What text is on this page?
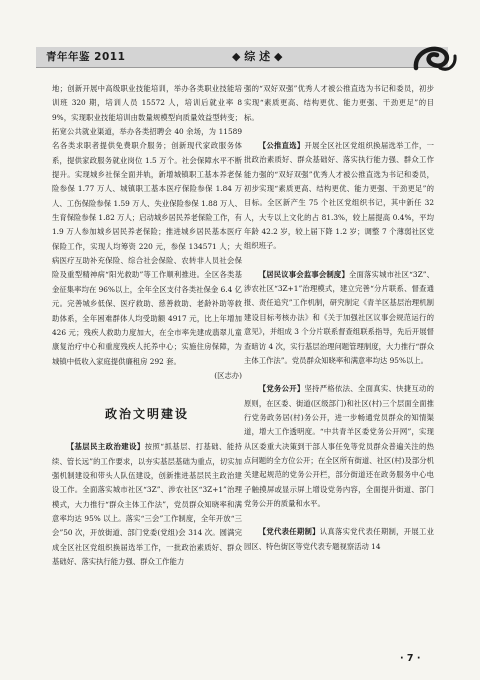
青年年鉴 2011	◆ 综 述 ◆

地；创新开展中高级职业技能培训，举办各类职业技能培训班 320 期，培训人员 15572 人，培训后就业率 89%，实现职业技能培训由数量规模型向质量效益型转变；拓宽公共就业渠道，举办各类招聘会 40 余场，为 11589 名各类求职者提供免费职介服务；创新现代家政服务体系，提供家政服务就业岗位 1.5 万个。社会保障水平不断提升。实现城乡社保全面并轨，新增城镇职工基本养老保险参保 1.77 万人、城镇职工基本医疗保险参保 1.84 万人、工伤保险参保 1.59 万人、失业保险参保 1.88 万人、生育保险参保 1.82 万人；启动城乡居民养老保险工作，有 1.9 万人参加城乡居民养老保险；推进城乡居民基本医疗保险工作，实现人均筹资 220 元，参保 134571 人；大病医疗互助补充保险、综合社会保险、农转非人员社会保险及重型精神病“阳光救助”等工作顺利推进。全区各类基金征集率均在 96%以上，全年全区支付各类社保金 6.4 亿元。完善城乡低保、医疗救助、慈善救助、老龄补助等救助体系，全年困难群体人均受助额 4917 元，比上年增加 426 元；残疾人救助力度加大，在全市率先建成翡翠儿童康复治疗中心和重度残疾人托养中心；实施住房保障，为城镇中低收入家庭提供廉租房 292 套。

(区志办)

政治文明建设

【基层民主政治建设】按照“抓基层、打基础、能持续、管长远”的工作要求，以夯实基层基础为重点，切实加强机制建设和带头人队伍建设，创新推进基层民主政治建设工作。全面落实城市社区“3Z”、涉农社区“3Z+1”治理模式，大力推行“群众主体工作法”，党员群众知晓率和满意率均达 95% 以上。落实“三会”工作制度，全年开放“三会”50 次，开放街道、部门党委(党组)会 314 次。圆满完成全区社区党组织换届选举工作，一批政治素质好、群众基础好、落实执行能力强、群众工作能力

强的“双好双强”优秀人才被公推直选为书记和委员，初步实现“素质更高、结构更优、能力更强、干劲更足”的目标。

【公推直选】开展全区社区党组织换届选举工作，一批政治素质好、群众基础好、落实执行能力强、群众工作能力强的“双好双强”优秀人才被公推直选为书记和委员，初步实现“素质更高、结构更优、能力更强、干劲更足”的目标。全区新产生 75 个社区党组织书记，其中新任 32 人，大专以上文化的占 81.3%，较上届提高 0.4%，平均年龄 42.2 岁，较上届下降 1.2 岁；调整 7 个薄弱社区党组织班子。

【居民议事会监事会制度】全面落实城市社区“3Z”、涉农社区“3Z+1”治理模式，建立完善“分片联系、督查通报、责任追究”工作机制，研究制定《青羊区基层治理机制建设目标考核办法》和《关于加强社区议事会规范运行的意见》，并组成 3 个分片联系督查组联系指导，先后开展督查暗访 4 次，实行基层治理问题管理制度，大力推行“群众主体工作法”。党员群众知晓率和满意率均达 95%以上。

【党务公开】坚持严格依法、全面真实、快捷互动的原则，在区委、街道(区级部门)和社区(村)三个层面全面推行党务政务居(村)务公开，进一步畅通党员群众的知情渠道，增大工作透明度。“中共青羊区委党务公开网”，实现从区委重大决策到干部人事任免等党员群众普遍关注的热点问题的全方位公开；在全区所有街道、社区(村)及部分机关建起规范的党务公开栏，部分街道还在政务服务中心电子触摸屏或显示屏上增设党务内容，全面提升街道、部门党务公开的质量和水平。

【党代表任期制】认真落实党代表任期制，开展工业园区、特色街区等党代表专题视察活动 14

· 7 ·
